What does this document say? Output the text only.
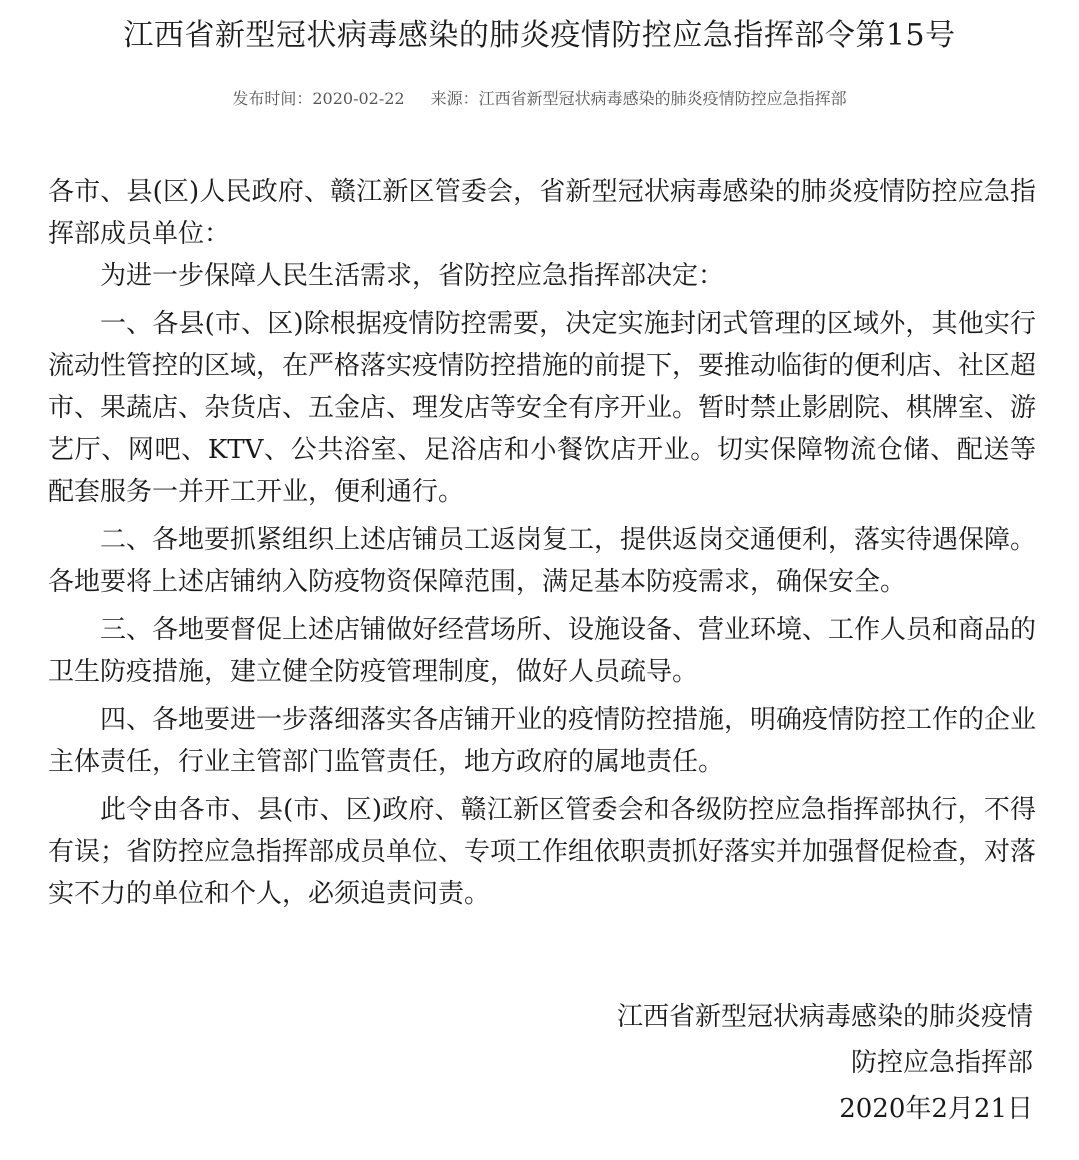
江西省新型冠状病毒感染的肺炎疫情防控应急指挥部令第15号
发布时间：2020-02-22 来源：江西省新型冠状病毒感染的肺炎疫情防控应急指挥部

各市、县(区)人民政府、赣江新区管委会，省新型冠状病毒感染的肺炎疫情防控应急指挥部成员单位：

为进一步保障人民生活需求，省防控应急指挥部决定：

一、各县(市、区)除根据疫情防控需要，决定实施封闭式管理的区域外，其他实行流动性管控的区域，在严格落实疫情防控措施的前提下，要推动临街的便利店、社区超市、果蔬店、杂货店、五金店、理发店等安全有序开业。暂时禁止影剧院、棋牌室、游艺厅、网吧、KTV、公共浴室、足浴店和小餐饮店开业。切实保障物流仓储、配送等配套服务一并开工开业，便利通行。

二、各地要抓紧组织上述店铺员工返岗复工，提供返岗交通便利，落实待遇保障。各地要将上述店铺纳入防疫物资保障范围，满足基本防疫需求，确保安全。

三、各地要督促上述店铺做好经营场所、设施设备、营业环境、工作人员和商品的卫生防疫措施，建立健全防疫管理制度，做好人员疏导。

四、各地要进一步落细落实各店铺开业的疫情防控措施，明确疫情防控工作的企业主体责任，行业主管部门监管责任，地方政府的属地责任。

此令由各市、县(市、区)政府、赣江新区管委会和各级防控应急指挥部执行，不得有误；省防控应急指挥部成员单位、专项工作组依职责抓好落实并加强督促检查，对落实不力的单位和个人，必须追责问责。

江西省新型冠状病毒感染的肺炎疫情
防控应急指挥部
2020年2月21日
